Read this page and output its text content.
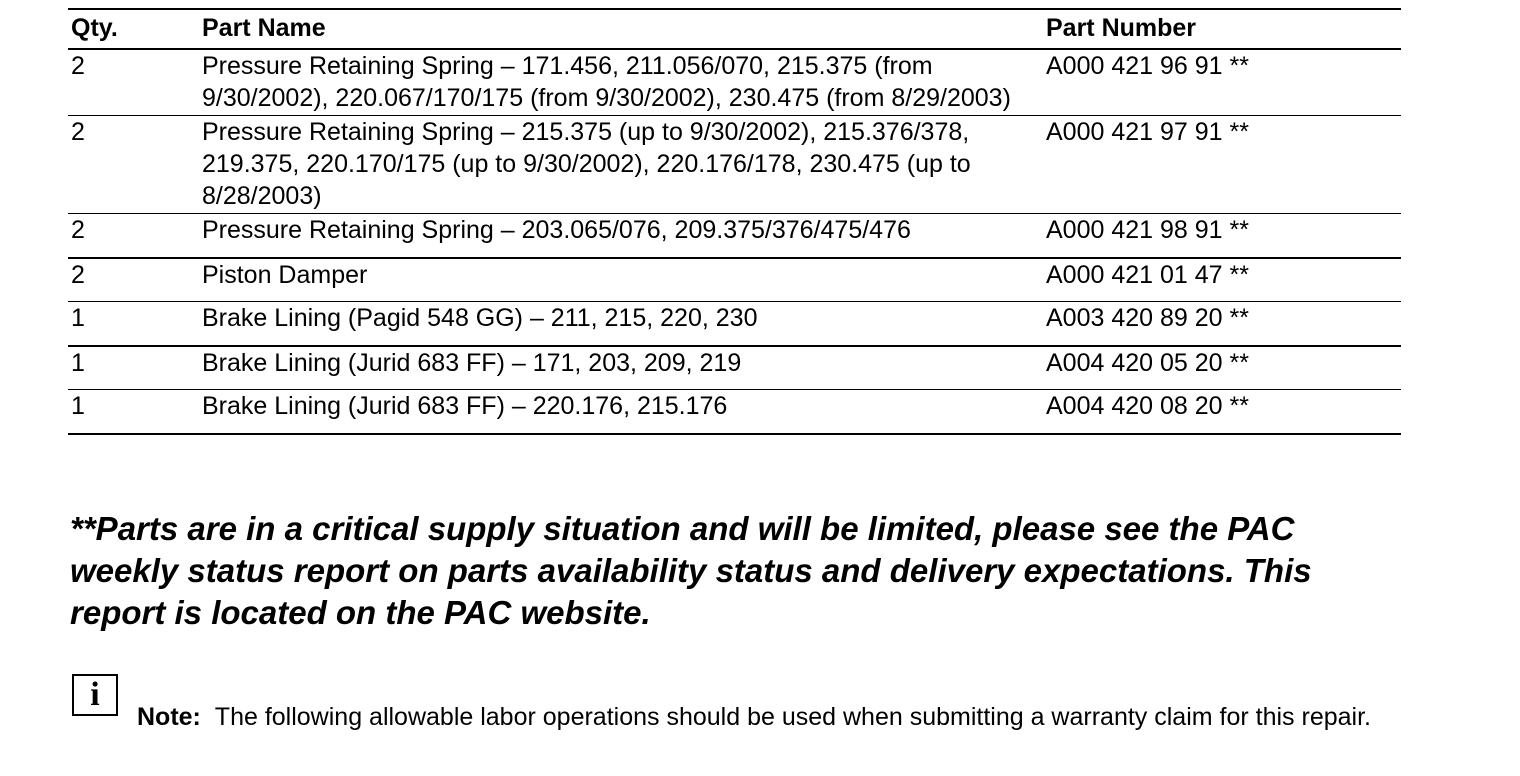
Qty.	Part Name	Part Number
2	Pressure Retaining Spring – 171.456, 211.056/070, 215.375 (from 9/30/2002), 220.067/170/175 (from 9/30/2002), 230.475 (from 8/29/2003)	A000 421 96 91 **
2	Pressure Retaining Spring – 215.375 (up to 9/30/2002), 215.376/378, 219.375, 220.170/175 (up to 9/30/2002), 220.176/178, 230.475 (up to 8/28/2003)	A000 421 97 91 **
2	Pressure Retaining Spring – 203.065/076, 209.375/376/475/476	A000 421 98 91 **
2	Piston Damper	A000 421 01 47 **
1	Brake Lining (Pagid 548 GG) – 211, 215, 220, 230	A003 420 89 20 **
1	Brake Lining (Jurid 683 FF) – 171, 203, 209, 219	A004 420 05 20 **
1	Brake Lining (Jurid 683 FF) – 220.176, 215.176	A004 420 08 20 **
**Parts are in a critical supply situation and will be limited, please see the PAC weekly status report on parts availability status and delivery expectations. This report is located on the PAC website.
i
Note: The following allowable labor operations should be used when submitting a warranty claim for this repair.
